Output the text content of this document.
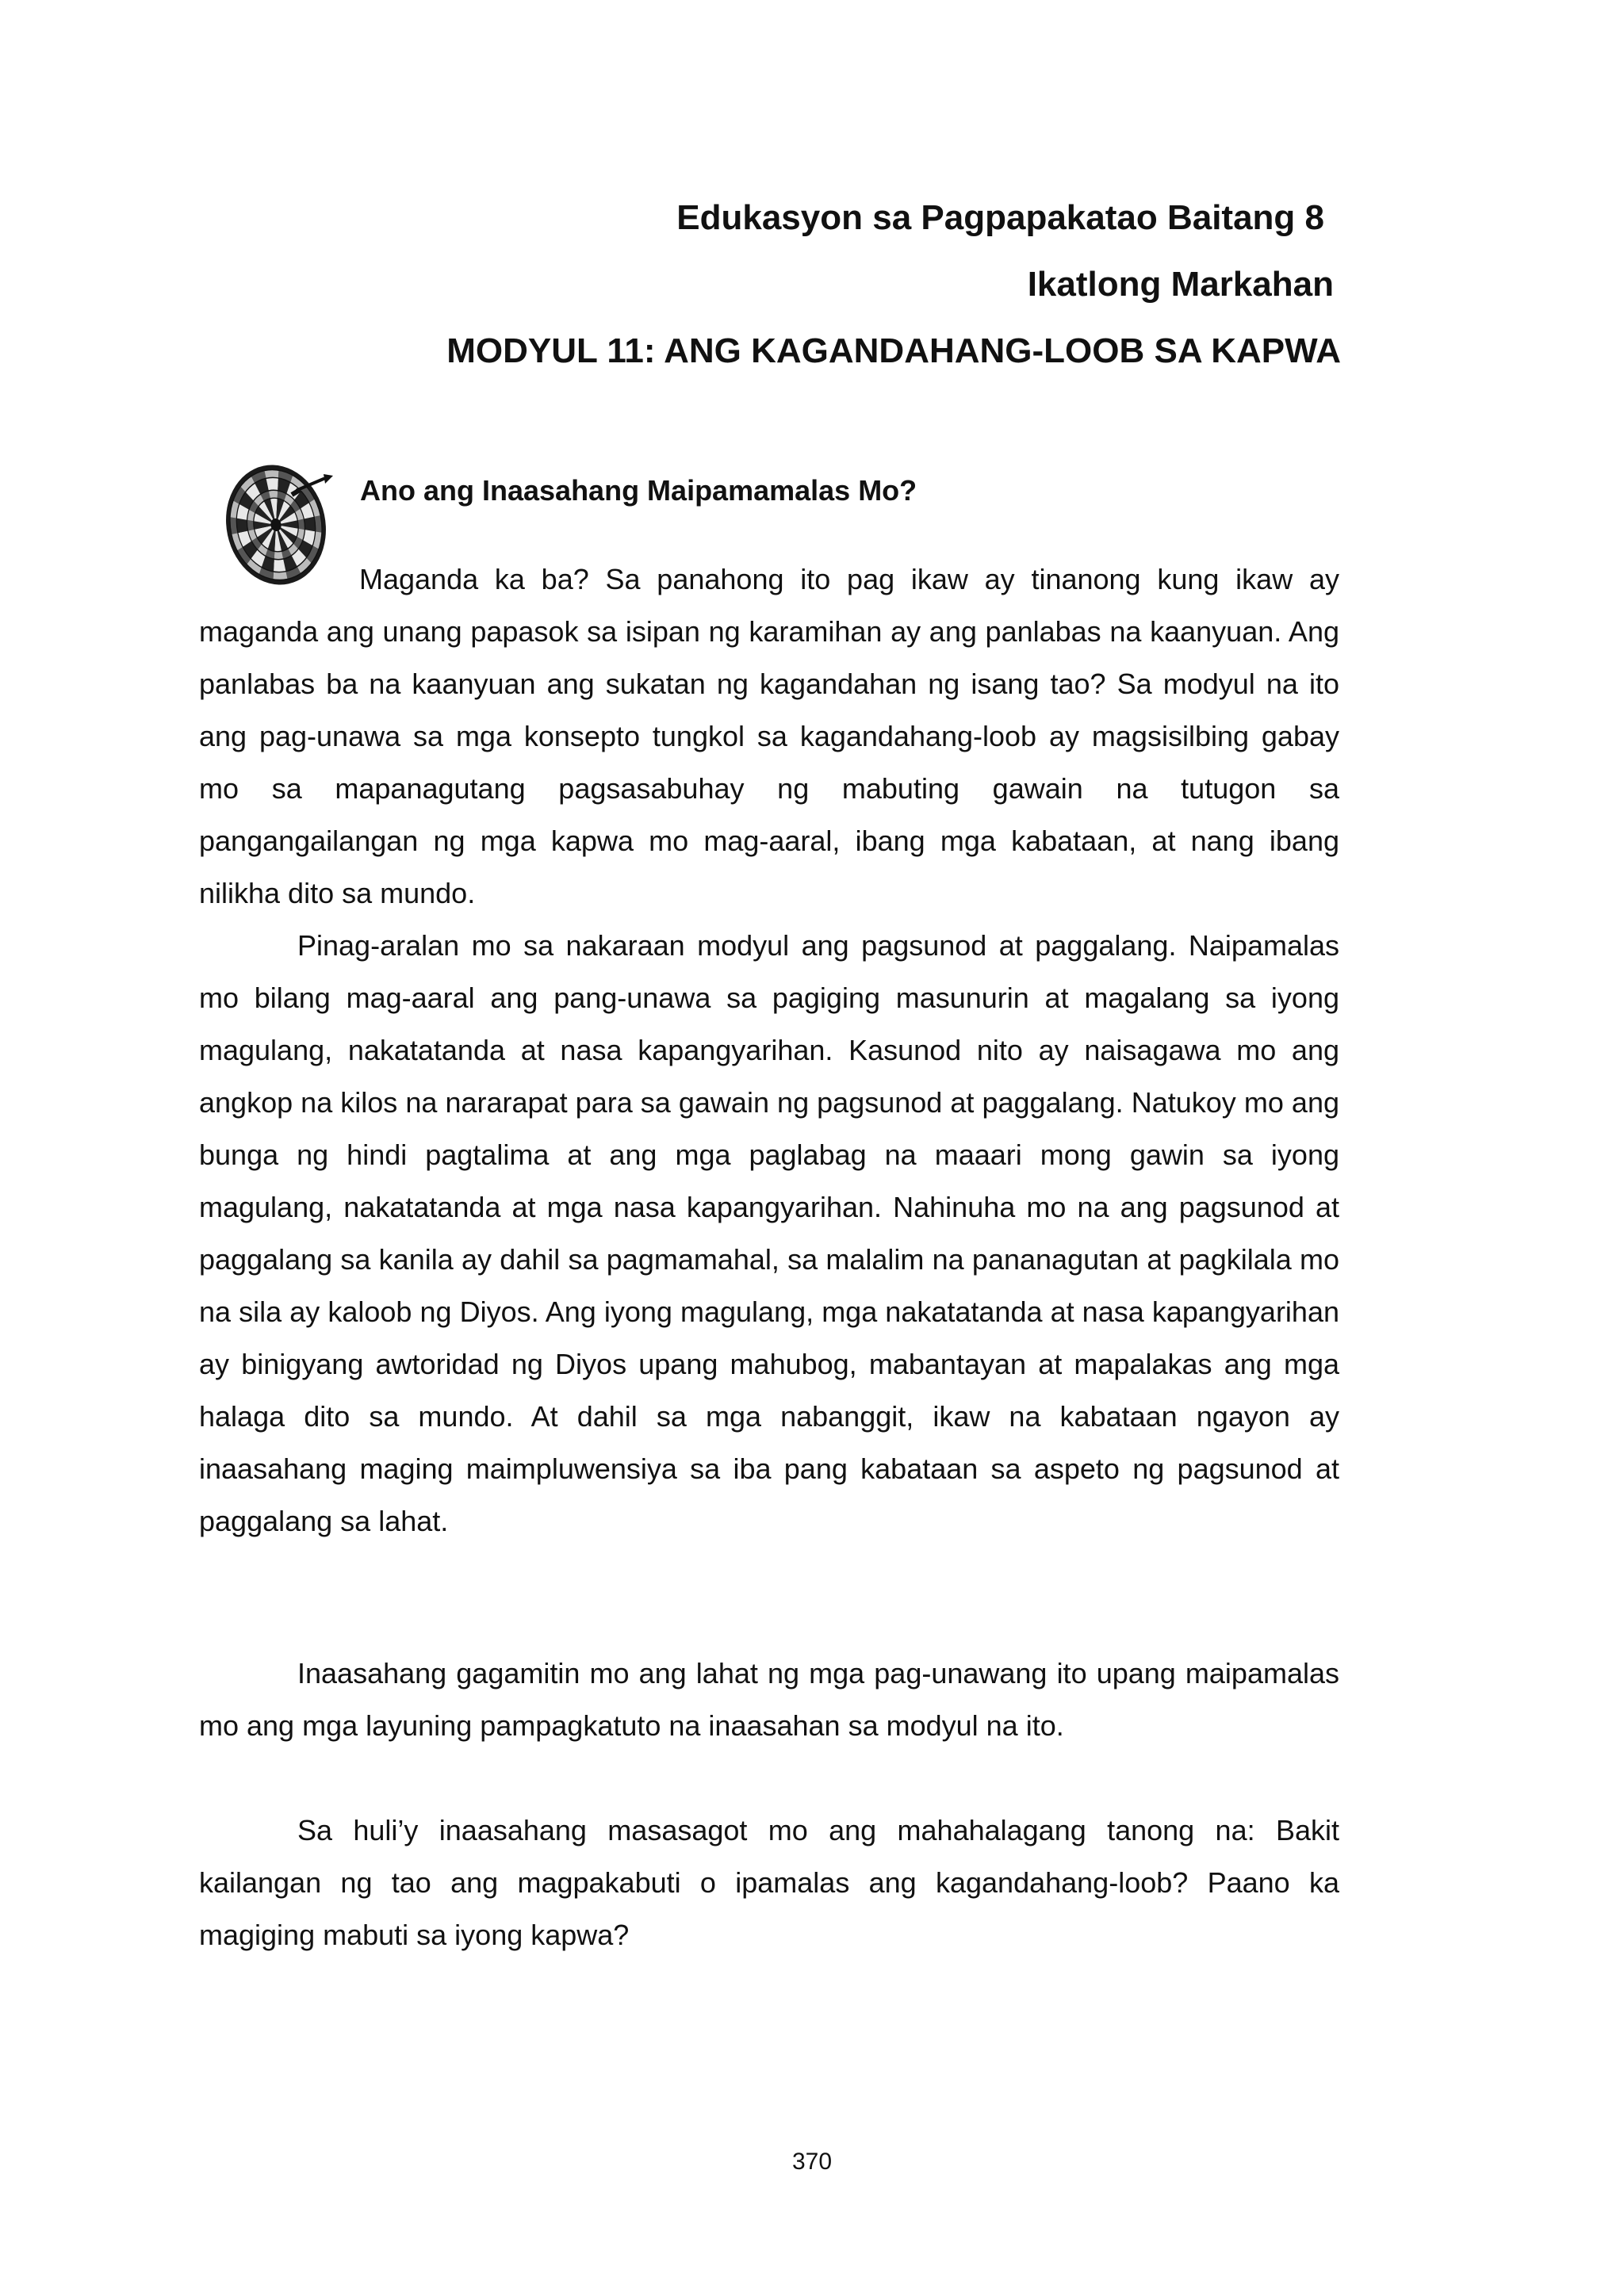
Edukasyon sa Pagpapakatao Baitang 8
Ikatlong Markahan
MODYUL 11: ANG KAGANDAHANG-LOOB SA KAPWA
Ano ang Inaasahang Maipamamalas Mo?

Maganda ka ba? Sa panahong ito pag ikaw ay tinanong kung ikaw ay maganda ang unang papasok sa isipan ng karamihan ay ang panlabas na kaanyuan. Ang panlabas ba na kaanyuan ang sukatan ng kagandahan ng isang tao? Sa modyul na ito ang pag-unawa sa mga konsepto tungkol sa kagandahang-loob ay magsisilbing gabay mo sa mapanagutang pagsasabuhay ng mabuting gawain na tutugon sa pangangailangan ng mga kapwa mo mag-aaral, ibang mga kabataan, at nang ibang nilikha dito sa mundo.

Pinag-aralan mo sa nakaraan modyul ang pagsunod at paggalang. Naipamalas mo bilang mag-aaral ang pang-unawa sa pagiging masunurin at magalang sa iyong magulang, nakatatanda at nasa kapangyarihan. Kasunod nito ay naisagawa mo ang angkop na kilos na nararapat para sa gawain ng pagsunod at paggalang. Natukoy mo ang bunga ng hindi pagtalima at ang mga paglabag na maaari mong gawin sa iyong magulang, nakatatanda at mga nasa kapangyarihan. Nahinuha mo na ang pagsunod at paggalang sa kanila ay dahil sa pagmamahal, sa malalim na pananagutan at pagkilala mo na sila ay kaloob ng Diyos. Ang iyong magulang, mga nakatatanda at nasa kapangyarihan ay binigyang awtoridad ng Diyos upang mahubog, mabantayan at mapalakas ang mga halaga dito sa mundo. At dahil sa mga nabanggit, ikaw na kabataan ngayon ay inaasahang maging maimpluwensiya sa iba pang kabataan sa aspeto ng pagsunod at paggalang sa lahat.

Inaasahang gagamitin mo ang lahat ng mga pag-unawang ito upang maipamalas mo ang mga layuning pampagkatuto na inaasahan sa modyul na ito.

Sa huli’y inaasahang masasagot mo ang mahahalagang tanong na: Bakit kailangan ng tao ang magpakabuti o ipamalas ang kagandahang-loob? Paano ka magiging mabuti sa iyong kapwa?

370
